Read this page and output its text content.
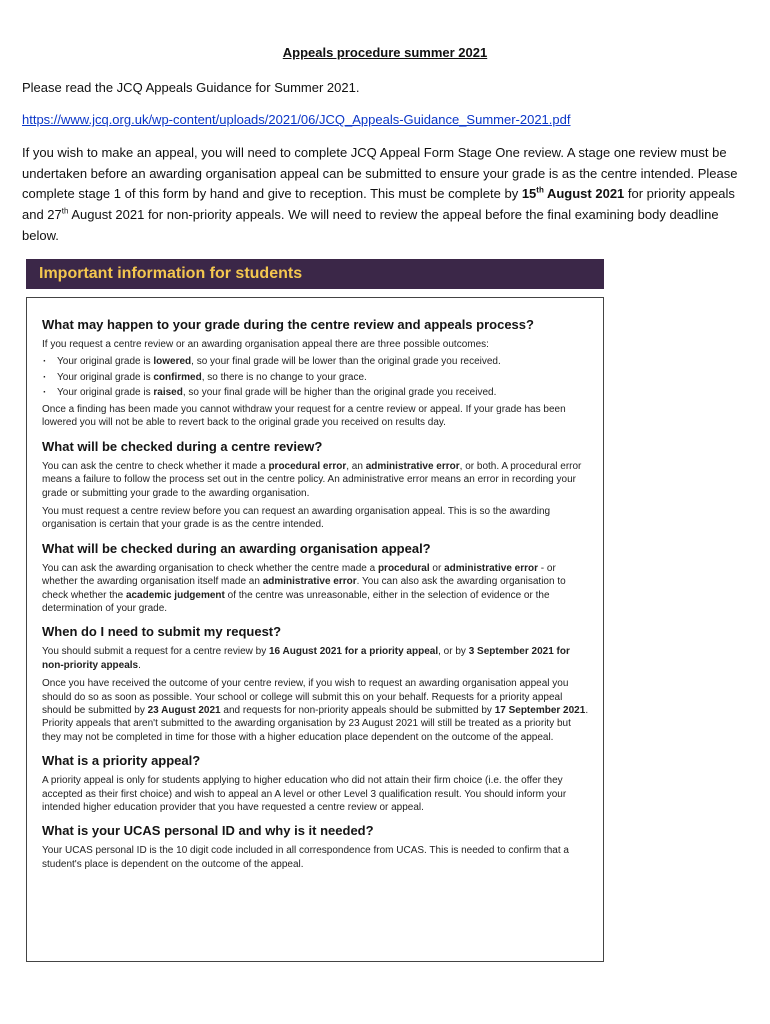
Appeals procedure summer 2021
Please read the JCQ Appeals Guidance for Summer 2021.
https://www.jcq.org.uk/wp-content/uploads/2021/06/JCQ_Appeals-Guidance_Summer-2021.pdf
If you wish to make an appeal, you will need to complete JCQ Appeal Form Stage One review. A stage one review must be undertaken before an awarding organisation appeal can be submitted to ensure your grade is as the centre intended. Please complete stage 1 of this form by hand and give to reception. This must be complete by 15th August 2021 for priority appeals and 27th August 2021 for non-priority appeals. We will need to review the appeal before the final examining body deadline below.
Important information for students
What may happen to your grade during the centre review and appeals process?

If you request a centre review or an awarding organisation appeal there are three possible outcomes:

· Your original grade is lowered, so your final grade will be lower than the original grade you received.
· Your original grade is confirmed, so there is no change to your grace.
· Your original grade is raised, so your final grade will be higher than the original grade you received.

Once a finding has been made you cannot withdraw your request for a centre review or appeal. If your grade has been lowered you will not be able to revert back to the original grade you received on results day.

What will be checked during a centre review?

You can ask the centre to check whether it made a procedural error, an administrative error, or both. A procedural error means a failure to follow the process set out in the centre policy. An administrative error means an error in recording your grade or submitting your grade to the awarding organisation.

You must request a centre review before you can request an awarding organisation appeal. This is so the awarding organisation is certain that your grade is as the centre intended.

What will be checked during an awarding organisation appeal?

You can ask the awarding organisation to check whether the centre made a procedural or administrative error - or whether the awarding organisation itself made an administrative error. You can also ask the awarding organisation to check whether the academic judgement of the centre was unreasonable, either in the selection of evidence or the determination of your grade.

When do I need to submit my request?

You should submit a request for a centre review by 16 August 2021 for a priority appeal, or by 3 September 2021 for non-priority appeals.

Once you have received the outcome of your centre review, if you wish to request an awarding organisation appeal you should do so as soon as possible. Your school or college will submit this on your behalf. Requests for a priority appeal should be submitted by 23 August 2021 and requests for non-priority appeals should be submitted by 17 September 2021. Priority appeals that aren't submitted to the awarding organisation by 23 August 2021 will still be treated as a priority but they may not be completed in time for those with a higher education place dependent on the outcome of the appeal.

What is a priority appeal?

A priority appeal is only for students applying to higher education who did not attain their firm choice (i.e. the offer they accepted as their first choice) and wish to appeal an A level or other Level 3 qualification result. You should inform your intended higher education provider that you have requested a centre review or appeal.

What is your UCAS personal ID and why is it needed?

Your UCAS personal ID is the 10 digit code included in all correspondence from UCAS. This is needed to confirm that a student's place is dependent on the outcome of the appeal.
